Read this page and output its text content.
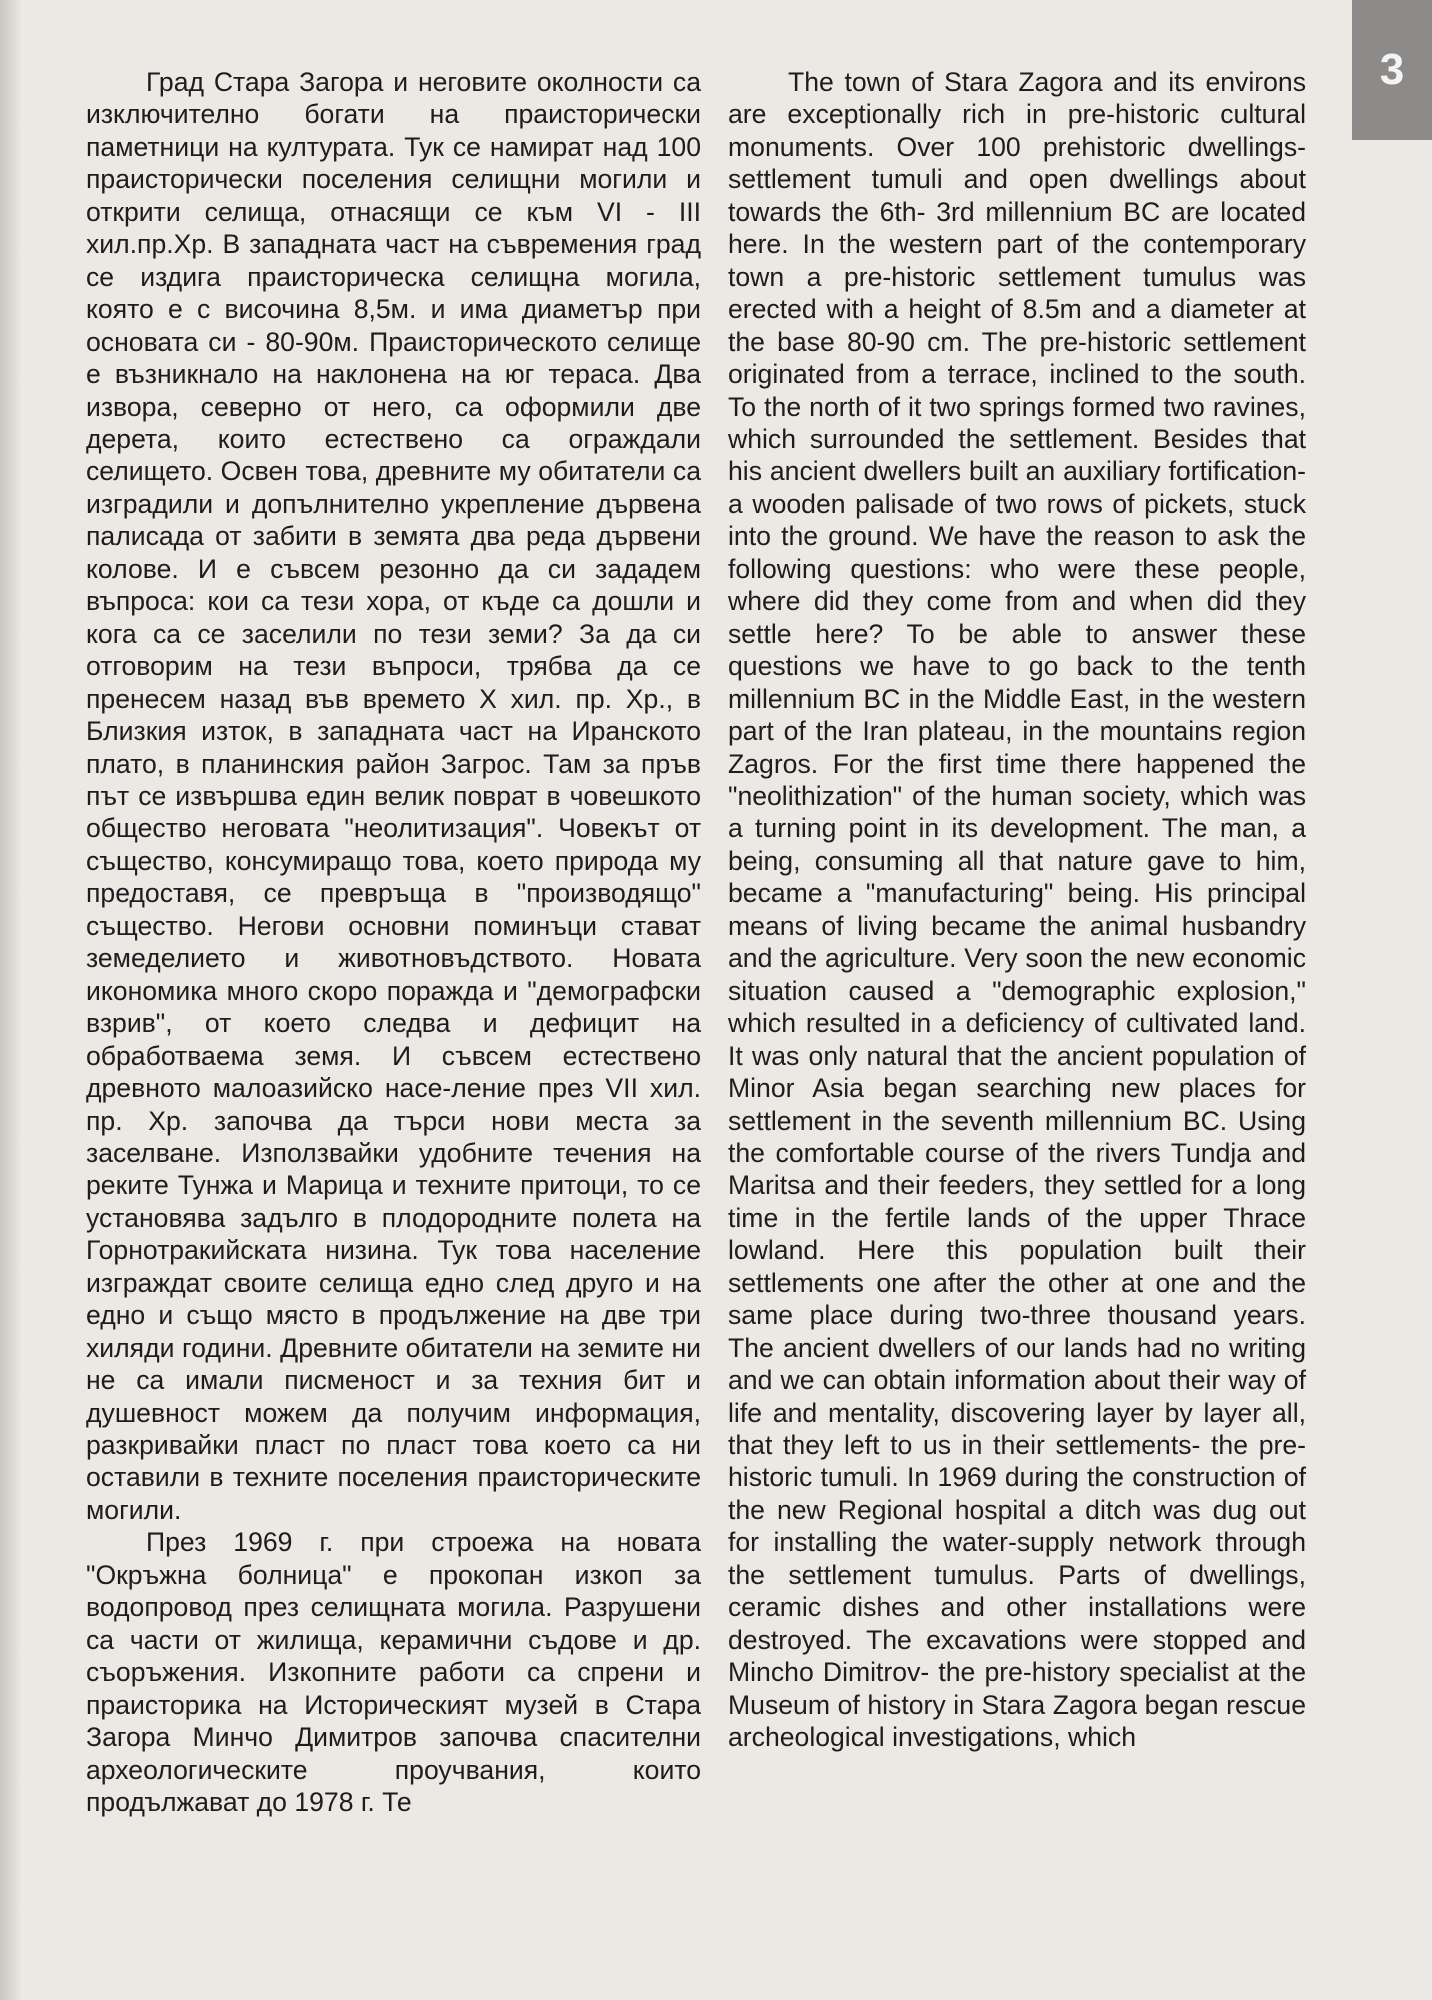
Град Стара Загора и неговите околности са изключително богати на праисторически паметници на културата. Тук се намират над 100 праисторически поселения селищни могили и открити селища, отнасящи се към VI - III хил.пр.Хр. В западната част на съвремения град се издига праисторическа селищна могила, която е с височина 8,5м. и има диаметър при основата си - 80-90м. Праисторическото селище е възникнало на наклонена на юг тераса. Два извора, северно от него, са оформили две дерета, които естествено са ограждали селището. Освен това, древните му обитатели са изградили и допълнително укрепление дървена палисада от забити в земята два реда дървени колове. И е съвсем резонно да си зададем въпроса: кои са тези хора, от къде са дошли и кога са се заселили по тези земи? За да си отговорим на тези въпроси, трябва да се пренесем назад във времето X хил. пр. Хр., в Близкия изток, в западната част на Иранското плато, в планинския район Загрос. Там за пръв път се извършва един велик поврат в човешкото общество неговата "неолитизация". Човекът от същество, консумиращо това, което природа му предоставя, се превръща в "производящо" същество. Негови основни поминъци стават земеделието и животновъдството. Новата икономика много скоро поражда и "демографски взрив", от което следва и дефицит на обработваема земя. И съвсем естествено древното малоазийско насе-ление през VII хил. пр. Хр. започва да търси нови места за заселване. Използвайки удобните течения на реките Тунжа и Марица и техните притоци, то се установява задълго в плодородните полета на Горнотракийската низина. Тук това население изграждат своите селища едно след друго и на едно и също място в продължение на две три хиляди години. Древните обитатели на земите ни не са имали писменост и за техния бит и душевност можем да получим информация, разкривайки пласт по пласт това което са ни оставили в техните поселения праисторическите могили.

През 1969 г. при строежа на новата "Окръжна болница" е прокопан изкоп за водопровод през селищната могила. Разрушени са части от жилища, керамични съдове и др. съоръжения. Изкопните работи са спрени и праисторика на Историческият музей в Стара Загора Минчо Димитров започва спасителни археологическите проучвания, които продължават до 1978 г. Те

The town of Stara Zagora and its environs are exceptionally rich in pre-historic cultural monuments. Over 100 prehistoric dwellings-settlement tumuli and open dwellings about towards the 6th- 3rd millennium BC are located here. In the western part of the contemporary town a pre-historic settlement tumulus was erected with a height of 8.5m and a diameter at the base 80-90 cm. The pre-historic settlement originated from a terrace, inclined to the south. To the north of it two springs formed two ravines, which surrounded the settlement. Besides that his ancient dwellers built an auxiliary fortification-a wooden palisade of two rows of pickets, stuck into the ground. We have the reason to ask the following questions: who were these people, where did they come from and when did they settle here? To be able to answer these questions we have to go back to the tenth millennium BC in the Middle East, in the western part of the Iran plateau, in the mountains region Zagros. For the first time there happened the "neolithization" of the human society, which was a turning point in its development. The man, a being, consuming all that nature gave to him, became a "manufacturing" being. His principal means of living became the animal husbandry and the agriculture. Very soon the new economic situation caused a "demographic explosion," which resulted in a deficiency of cultivated land. It was only natural that the ancient population of Minor Asia began searching new places for settlement in the seventh millennium BC. Using the comfortable course of the rivers Tundja and Maritsa and their feeders, they settled for a long time in the fertile lands of the upper Thrace lowland. Here this population built their settlements one after the other at one and the same place during two-three thousand years. The ancient dwellers of our lands had no writing and we can obtain information about their way of life and mentality, discovering layer by layer all, that they left to us in their settlements- the pre-historic tumuli. In 1969 during the construction of the new Regional hospital a ditch was dug out for installing the water-supply network through the settlement tumulus. Parts of dwellings, ceramic dishes and other installations were destroyed. The excavations were stopped and Mincho Dimitrov- the pre-history specialist at the Museum of history in Stara Zagora began rescue archeological investigations, which

3
